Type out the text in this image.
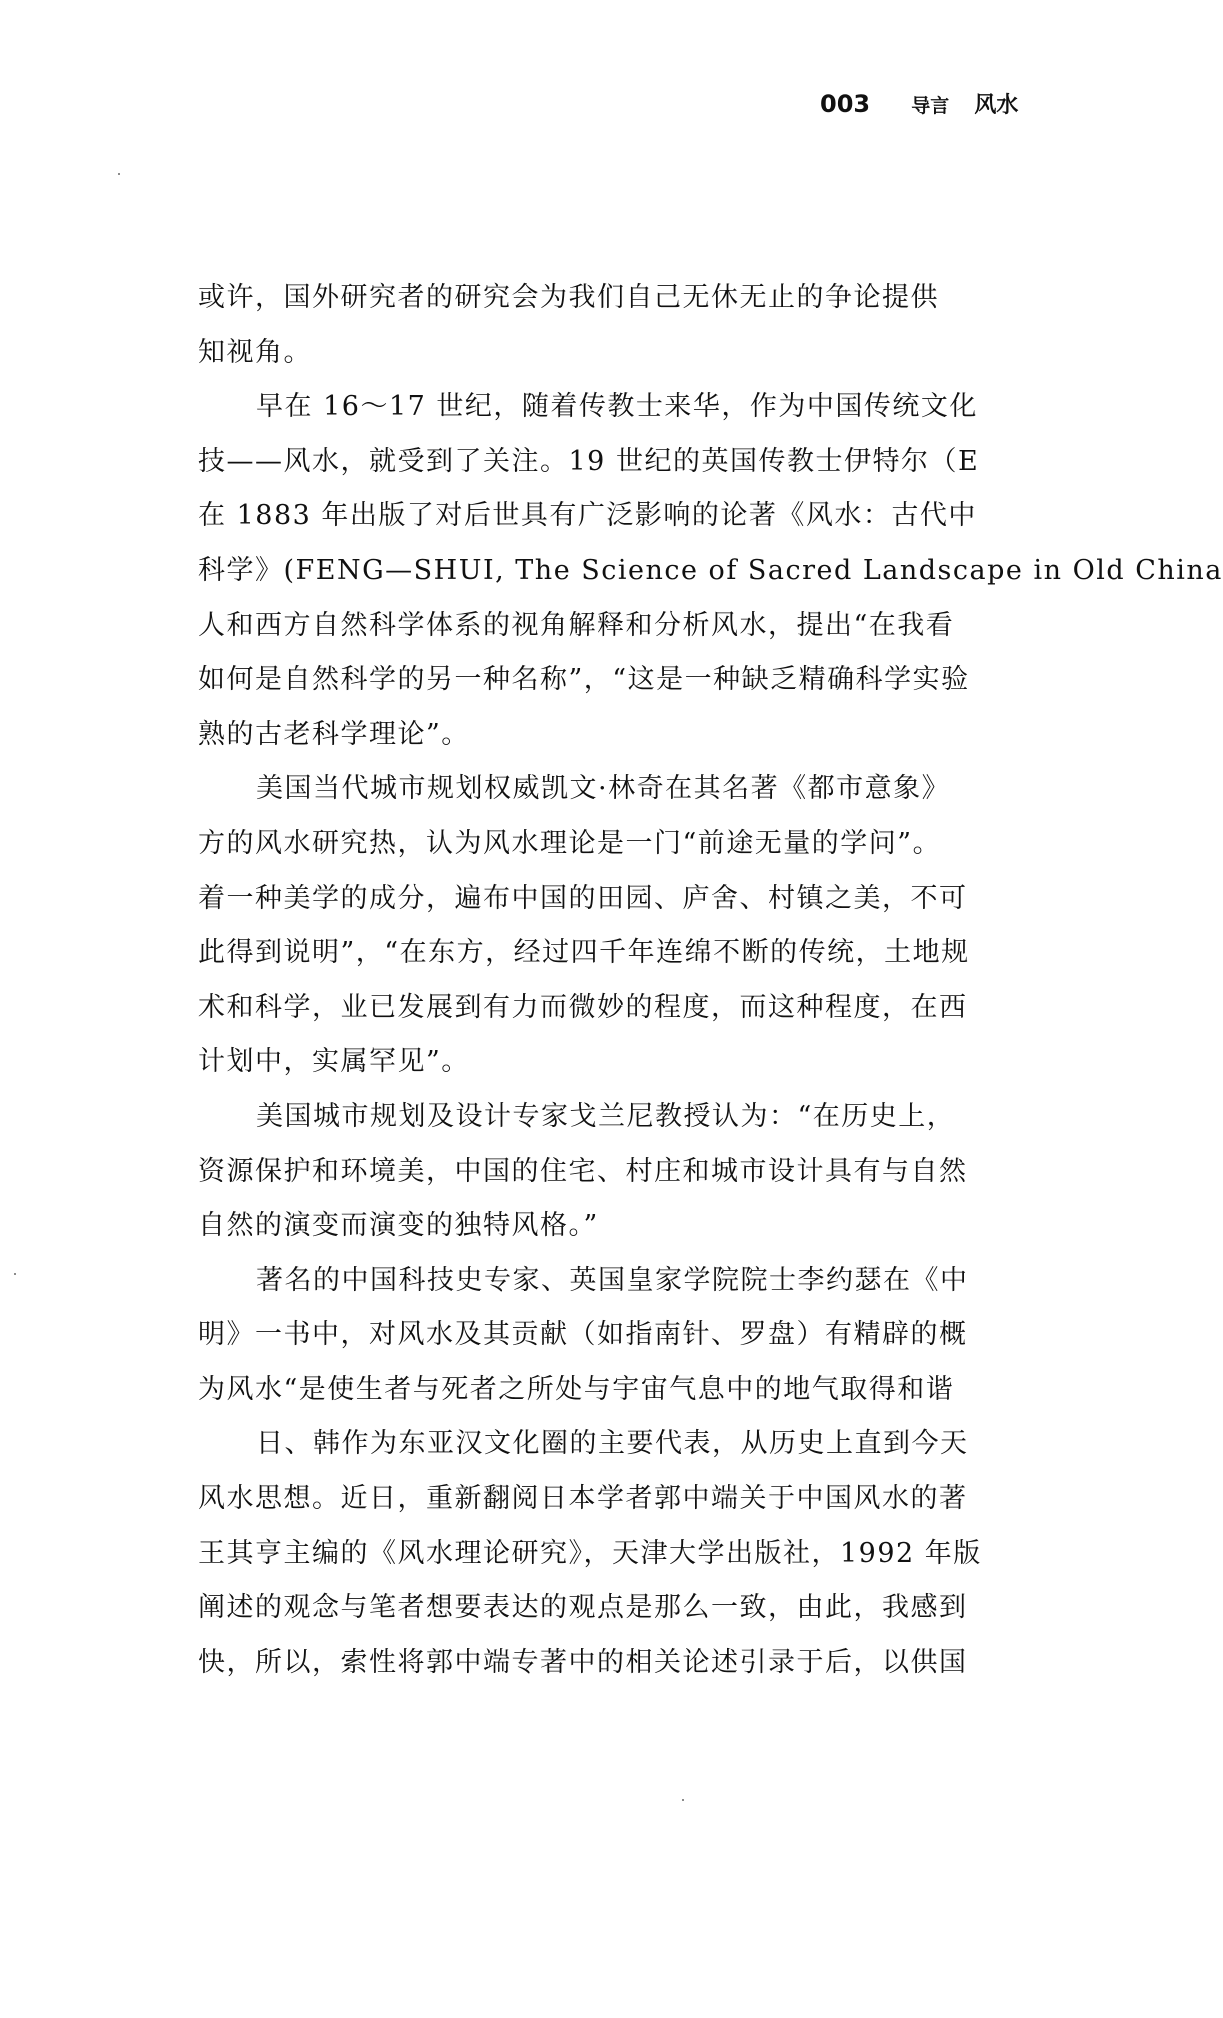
003 导言 风水
或许，国外研究者的研究会为我们自己无休无止的争论提供
知视角。
早在 16～17 世纪，随着传教士来华，作为中国传统文化
技——风水，就受到了关注。19 世纪的英国传教士伊特尔（E
在 1883 年出版了对后世具有广泛影响的论著《风水：古代中
科学》(FENG—SHUI, The Science of Sacred Landscape in Old China
人和西方自然科学体系的视角解释和分析风水，提出“在我看
如何是自然科学的另一种名称”，“这是一种缺乏精确科学实验
熟的古老科学理论”。
美国当代城市规划权威凯文·林奇在其名著《都市意象》
方的风水研究热，认为风水理论是一门“前途无量的学问”。
着一种美学的成分，遍布中国的田园、庐舍、村镇之美，不可
此得到说明”，“在东方，经过四千年连绵不断的传统，土地规
术和科学，业已发展到有力而微妙的程度，而这种程度，在西
计划中，实属罕见”。
美国城市规划及设计专家戈兰尼教授认为：“在历史上，
资源保护和环境美，中国的住宅、村庄和城市设计具有与自然
自然的演变而演变的独特风格。”
著名的中国科技史专家、英国皇家学院院士李约瑟在《中
明》一书中，对风水及其贡献（如指南针、罗盘）有精辟的概
为风水“是使生者与死者之所处与宇宙气息中的地气取得和谐
日、韩作为东亚汉文化圈的主要代表，从历史上直到今天
风水思想。近日，重新翻阅日本学者郭中端关于中国风水的著
王其亨主编的《风水理论研究》，天津大学出版社，1992 年版
阐述的观念与笔者想要表达的观点是那么一致，由此，我感到
快，所以，索性将郭中端专著中的相关论述引录于后，以供国
